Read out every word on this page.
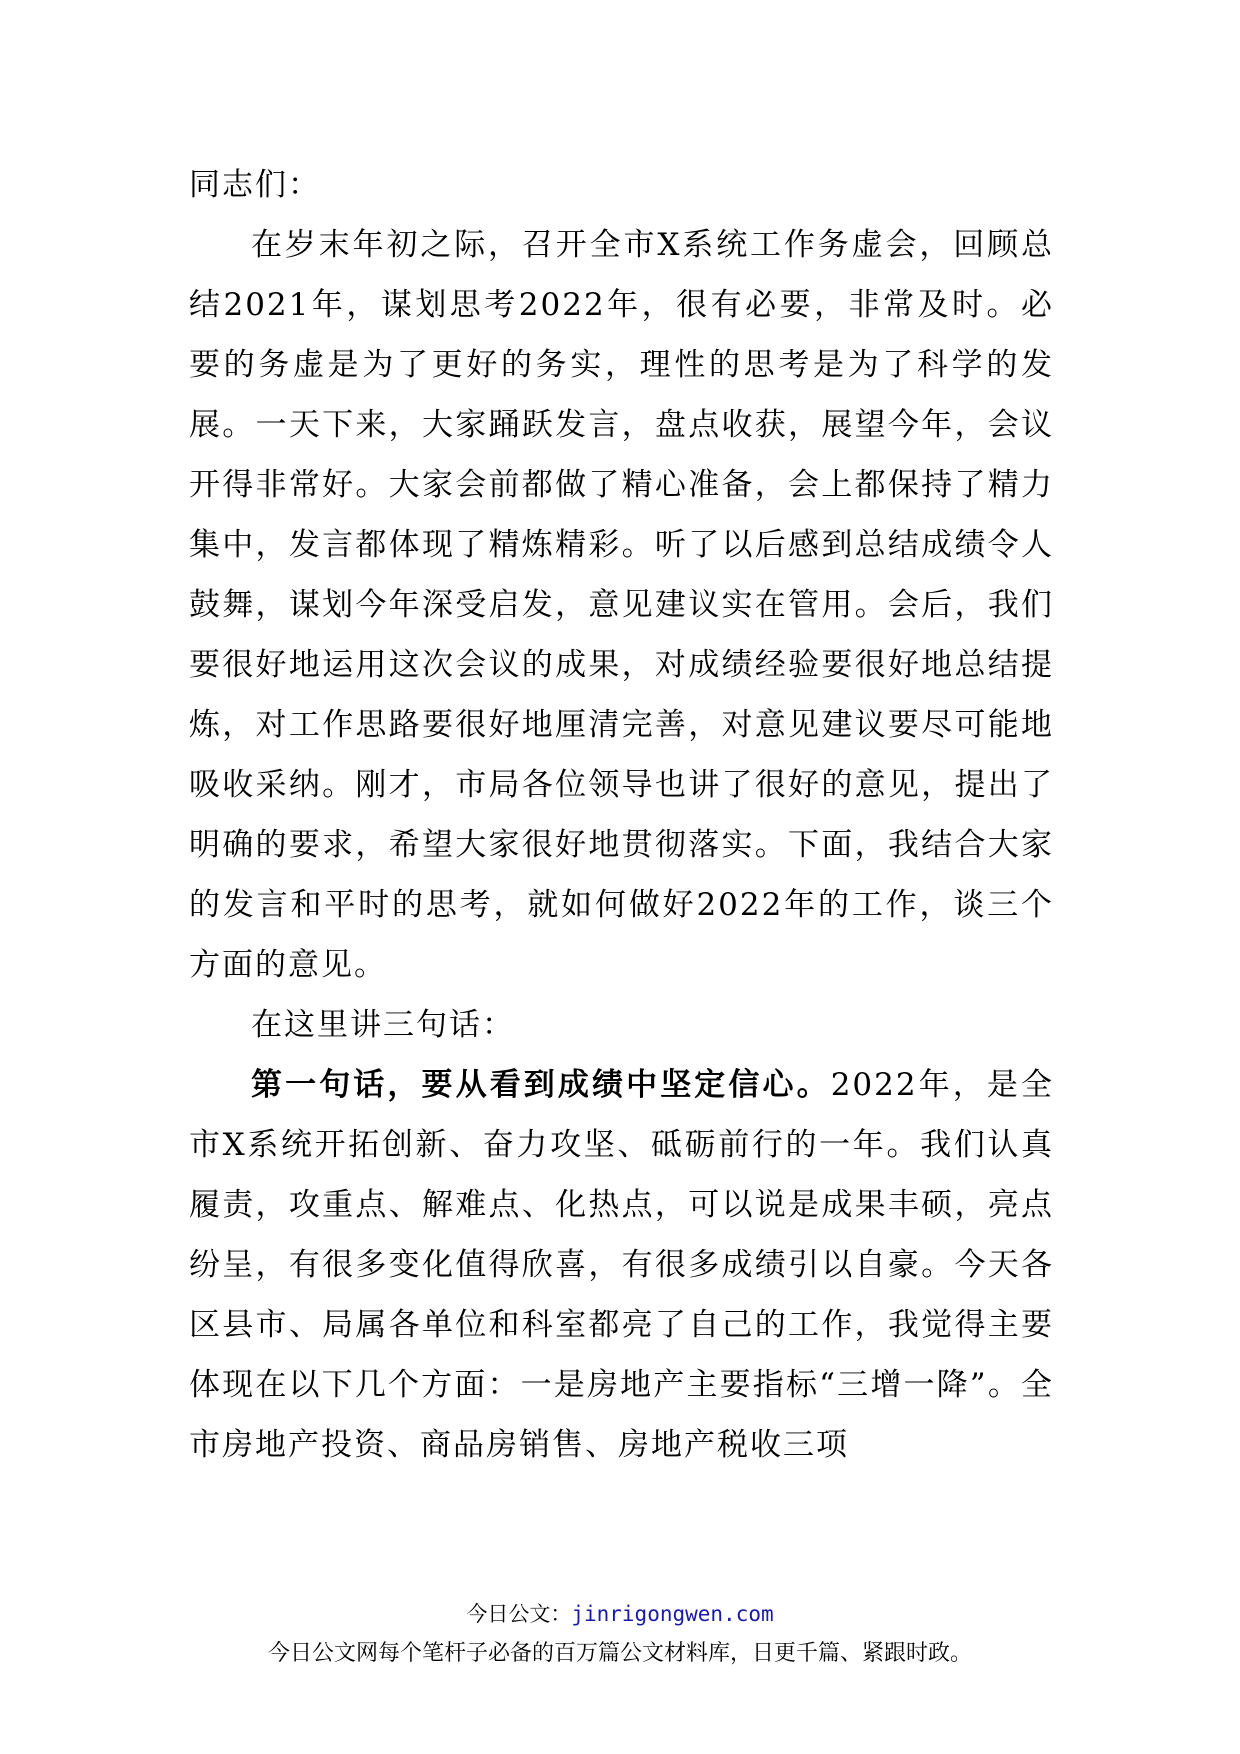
同志们：

在岁末年初之际，召开全市X系统工作务虚会，回顾总结2021年，谋划思考2022年，很有必要，非常及时。必要的务虚是为了更好的务实，理性的思考是为了科学的发展。一天下来，大家踊跃发言，盘点收获，展望今年，会议开得非常好。大家会前都做了精心准备，会上都保持了精力集中，发言都体现了精炼精彩。听了以后感到总结成绩令人鼓舞，谋划今年深受启发，意见建议实在管用。会后，我们要很好地运用这次会议的成果，对成绩经验要很好地总结提炼，对工作思路要很好地厘清完善，对意见建议要尽可能地吸收采纳。刚才，市局各位领导也讲了很好的意见，提出了明确的要求，希望大家很好地贯彻落实。下面，我结合大家的发言和平时的思考，就如何做好2022年的工作，谈三个方面的意见。

在这里讲三句话：

第一句话，要从看到成绩中坚定信心。2022年，是全市X系统开拓创新、奋力攻坚、砥砺前行的一年。我们认真履责，攻重点、解难点、化热点，可以说是成果丰硕，亮点纷呈，有很多变化值得欣喜，有很多成绩引以自豪。今天各区县市、局属各单位和科室都亮了自己的工作，我觉得主要体现在以下几个方面：一是房地产主要指标“三增一降”。全市房地产投资、商品房销售、房地产税收三项

今日公文：jinrigongwen.com
今日公文网每个笔杆子必备的百万篇公文材料库，日更千篇、紧跟时政。
